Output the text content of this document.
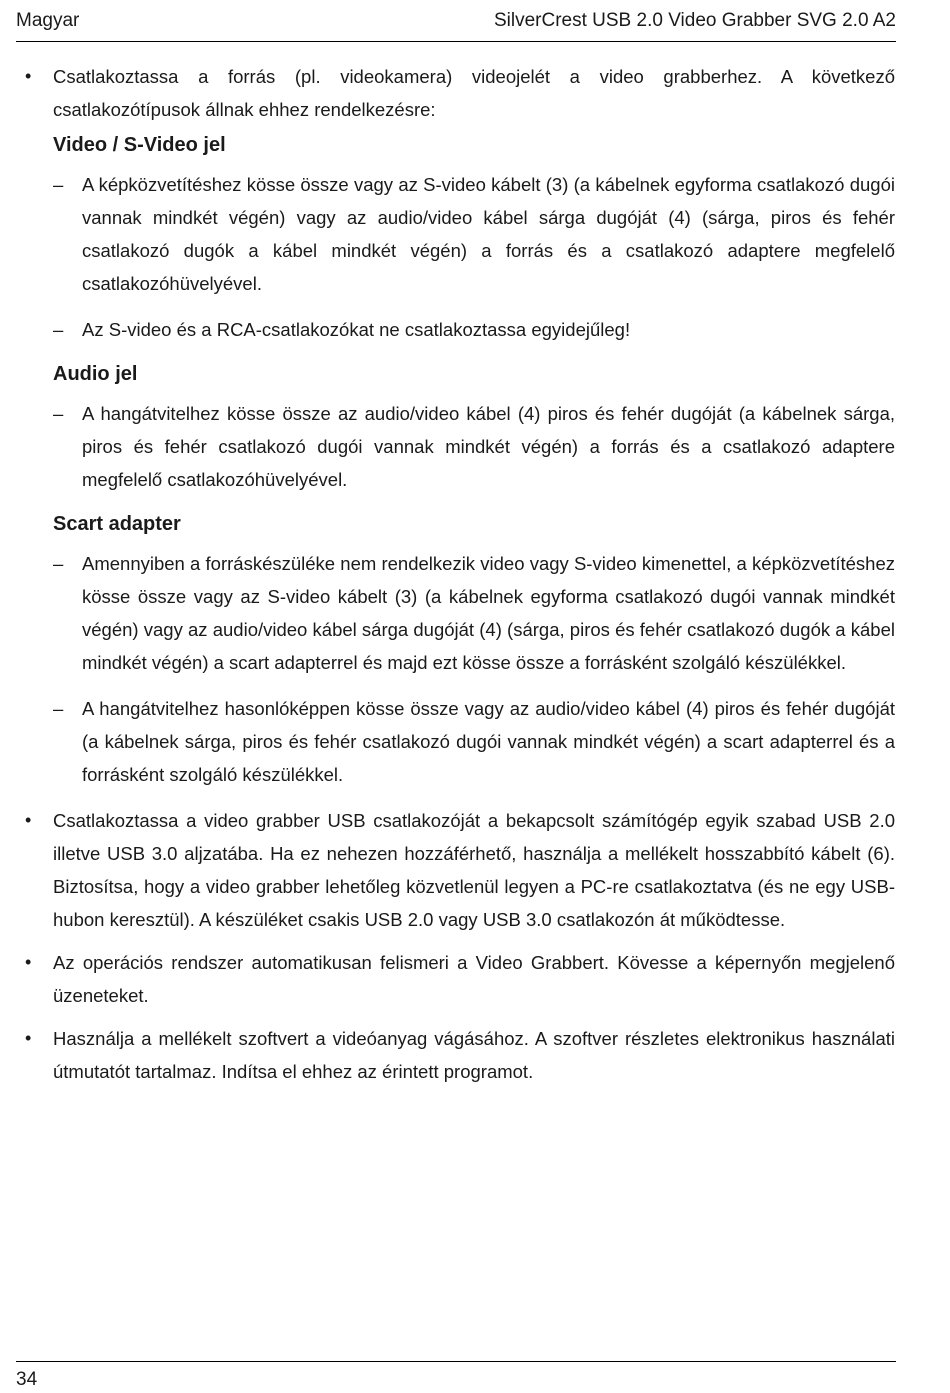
Magyar	SilverCrest USB 2.0 Video Grabber SVG 2.0 A2
• Csatlakoztassa a forrás (pl. videokamera) videojelét a video grabberhez. A következő csatlakozótípusok állnak ehhez rendelkezésre:

Video / S-Video jel
– A képközvetítéshez kösse össze vagy az S-video kábelt (3) (a kábelnek egyforma csatlakozó dugói vannak mindkét végén) vagy az audio/video kábel sárga dugóját (4) (sárga, piros és fehér csatlakozó dugók a kábel mindkét végén) a forrás és a csatlakozó adaptere megfelelő csatlakozóhüvelyével.

– Az S-video és a RCA-csatlakozókat ne csatlakoztassa egyidejűleg!

Audio jel
– A hangátvitelhez kösse össze az audio/video kábel (4) piros és fehér dugóját (a kábelnek sárga, piros és fehér csatlakozó dugói vannak mindkét végén) a forrás és a csatlakozó adaptere megfelelő csatlakozóhüvelyével.

Scart adapter
– Amennyiben a forráskészüléke nem rendelkezik video vagy S-video kimenettel, a képközvetítéshez kösse össze vagy az S-video kábelt (3) (a kábelnek egyforma csatlakozó dugói vannak mindkét végén) vagy az audio/video kábel sárga dugóját (4) (sárga, piros és fehér csatlakozó dugók a kábel mindkét végén) a scart adapterrel és majd ezt kösse össze a forrásként szolgáló készülékkel.

– A hangátvitelhez hasonlóképpen kösse össze vagy az audio/video kábel (4) piros és fehér dugóját (a kábelnek sárga, piros és fehér csatlakozó dugói vannak mindkét végén) a scart adapterrel és a forrásként szolgáló készülékkel.

• Csatlakoztassa a video grabber USB csatlakozóját a bekapcsolt számítógép egyik szabad USB 2.0 illetve USB 3.0 aljzatába. Ha ez nehezen hozzáférhető, használja a mellékelt hosszabbító kábelt (6). Biztosítsa, hogy a video grabber lehetőleg közvetlenül legyen a PC-re csatlakoztatva (és ne egy USB-hubon keresztül). A készüléket csakis USB 2.0 vagy USB 3.0 csatlakozón át működtesse.

• Az operációs rendszer automatikusan felismeri a Video Grabbert. Kövesse a képernyőn megjelenő üzeneteket.

• Használja a mellékelt szoftvert a videóanyag vágásához. A szoftver részletes elektronikus használati útmutatót tartalmaz. Indítsa el ehhez az érintett programot.

34
